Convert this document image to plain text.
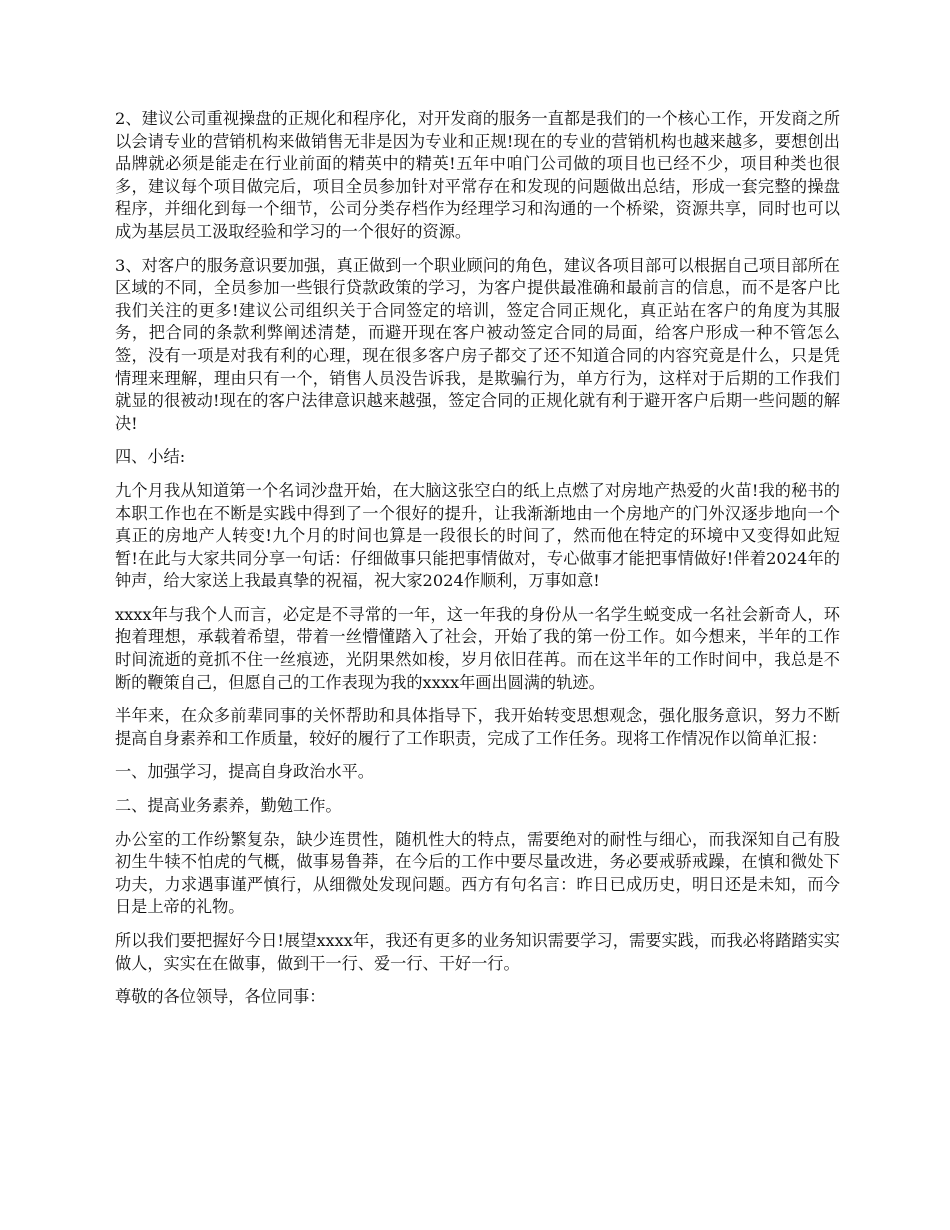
2、建议公司重视操盘的正规化和程序化，对开发商的服务一直都是我们的一个核心工作，开发商之所以会请专业的营销机构来做销售无非是因为专业和正规!现在的专业的营销机构也越来越多，要想创出品牌就必须是能走在行业前面的精英中的精英!五年中咱门公司做的项目也已经不少，项目种类也很多，建议每个项目做完后，项目全员参加针对平常存在和发现的问题做出总结，形成一套完整的操盘程序，并细化到每一个细节，公司分类存档作为经理学习和沟通的一个桥梁，资源共享，同时也可以成为基层员工汲取经验和学习的一个很好的资源。

3、对客户的服务意识要加强，真正做到一个职业顾问的角色，建议各项目部可以根据自己项目部所在区域的不同，全员参加一些银行贷款政策的学习，为客户提供最准确和最前言的信息，而不是客户比我们关注的更多!建议公司组织关于合同签定的培训，签定合同正规化，真正站在客户的角度为其服务，把合同的条款利弊阐述清楚，而避开现在客户被动签定合同的局面，给客户形成一种不管怎么签，没有一项是对我有利的心理，现在很多客户房子都交了还不知道合同的内容究竟是什么，只是凭情理来理解，理由只有一个，销售人员没告诉我，是欺骗行为，单方行为，这样对于后期的工作我们就显的很被动!现在的客户法律意识越来越强，签定合同的正规化就有利于避开客户后期一些问题的解决!

四、小结:

九个月我从知道第一个名词沙盘开始，在大脑这张空白的纸上点燃了对房地产热爱的火苗!我的秘书的本职工作也在不断是实践中得到了一个很好的提升，让我渐渐地由一个房地产的门外汉逐步地向一个真正的房地产人转变!九个月的时间也算是一段很长的时间了，然而他在特定的环境中又变得如此短暂!在此与大家共同分享一句话：仔细做事只能把事情做对，专心做事才能把事情做好!伴着2024年的钟声，给大家送上我最真挚的祝福，祝大家2024作顺利，万事如意!

xxxx年与我个人而言，必定是不寻常的一年，这一年我的身份从一名学生蜕变成一名社会新奇人，环抱着理想，承载着希望，带着一丝懵懂踏入了社会，开始了我的第一份工作。如今想来，半年的工作时间流逝的竟抓不住一丝痕迹，光阴果然如梭，岁月依旧荏苒。而在这半年的工作时间中，我总是不断的鞭策自己，但愿自己的工作表现为我的xxxx年画出圆满的轨迹。

半年来，在众多前辈同事的关怀帮助和具体指导下，我开始转变思想观念，强化服务意识，努力不断提高自身素养和工作质量，较好的履行了工作职责，完成了工作任务。现将工作情况作以简单汇报：

一、加强学习，提高自身政治水平。

二、提高业务素养，勤勉工作。

办公室的工作纷繁复杂，缺少连贯性，随机性大的特点，需要绝对的耐性与细心，而我深知自己有股初生牛犊不怕虎的气概，做事易鲁莽，在今后的工作中要尽量改进，务必要戒骄戒躁，在慎和微处下功夫，力求遇事谨严慎行，从细微处发现问题。西方有句名言：昨日已成历史，明日还是未知，而今日是上帝的礼物。

所以我们要把握好今日!展望xxxx年，我还有更多的业务知识需要学习，需要实践，而我必将踏踏实实做人，实实在在做事，做到干一行、爱一行、干好一行。

尊敬的各位领导，各位同事：
